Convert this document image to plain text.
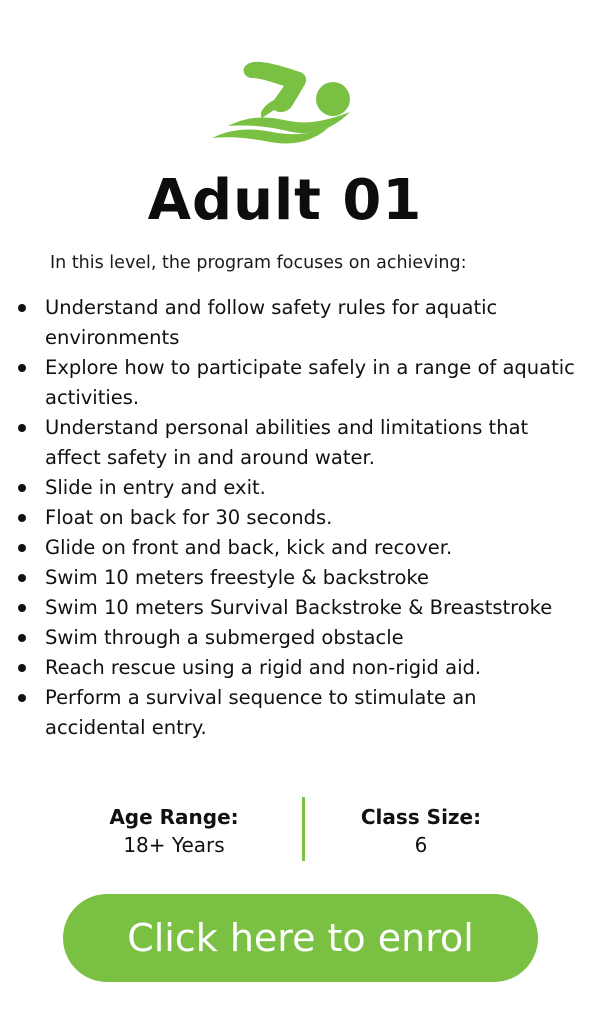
Adult 01

In this level, the program focuses on achieving:

Understand and follow safety rules for aquatic environments
Explore how to participate safely in a range of aquatic activities.
Understand personal abilities and limitations that affect safety in and around water.
Slide in entry and exit.
Float on back for 30 seconds.
Glide on front and back, kick and recover.
Swim 10 meters freestyle & backstroke
Swim 10 meters Survival Backstroke & Breaststroke
Swim through a submerged obstacle
Reach rescue using a rigid and non-rigid aid.
Perform a survival sequence to stimulate an accidental entry.
Age Range:
18+ Years
Class Size:
6
Click here to enrol
